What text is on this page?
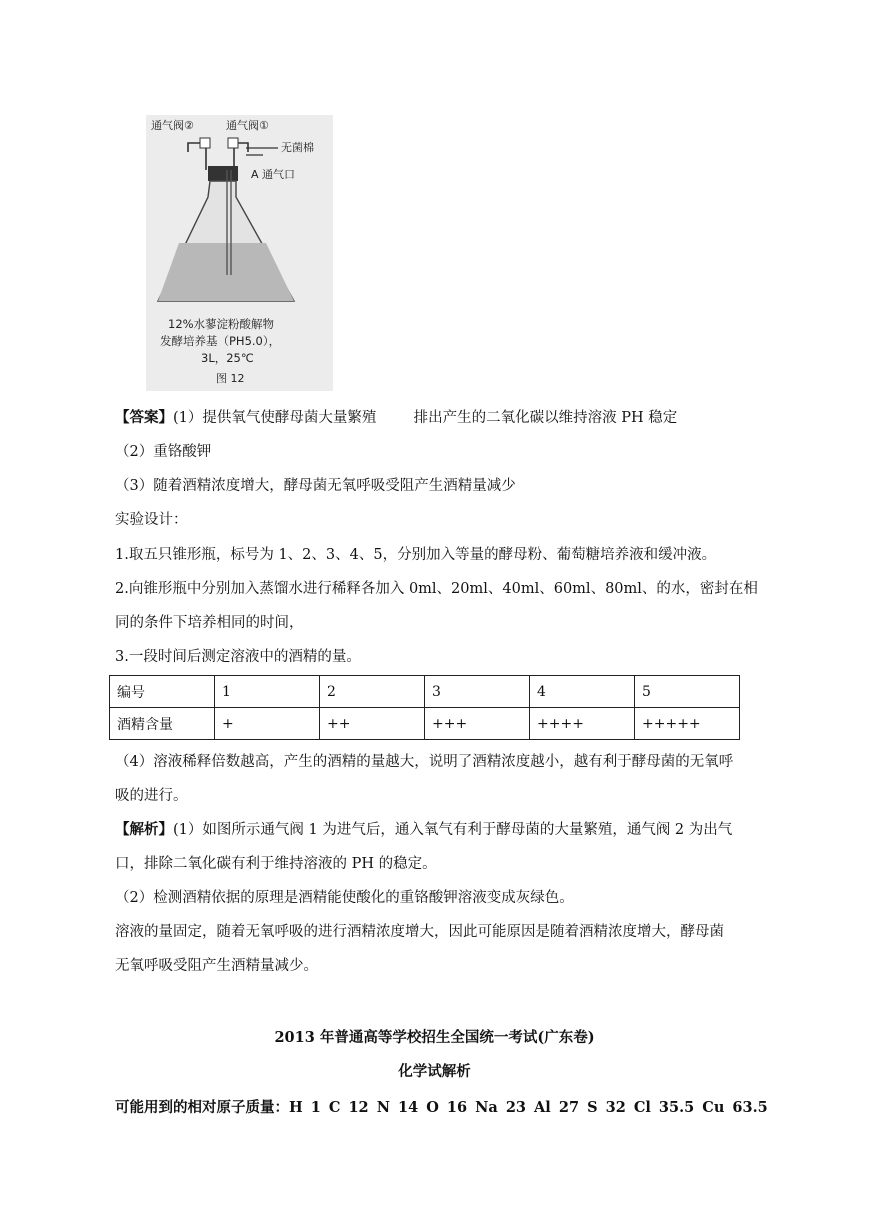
通气阀②	通气阀①
无菌棉
A 通气口
12%水蓼淀粉酸解物
发酵培养基（PH5.0），
3L，25℃
图 12
【答案】(1）提供氧气使酵母菌大量繁殖	排出产生的二氧化碳以维持溶液 PH 稳定
（2）重铬酸钾
（3）随着酒精浓度增大，酵母菌无氧呼吸受阻产生酒精量减少
实验设计：
1.取五只锥形瓶，标号为 1、2、3、4、5，分别加入等量的酵母粉、葡萄糖培养液和缓冲液。
2.向锥形瓶中分别加入蒸馏水进行稀释各加入 0ml、20ml、40ml、60ml、80ml、的水，密封在相
同的条件下培养相同的时间，
3.一段时间后测定溶液中的酒精的量。
编号	1	2	3	4	5
酒精含量	+	++	+++	++++	+++++
（4）溶液稀释倍数越高，产生的酒精的量越大，说明了酒精浓度越小，越有利于酵母菌的无氧呼
吸的进行。
【解析】(1）如图所示通气阀 1 为进气后，通入氧气有利于酵母菌的大量繁殖，通气阀 2 为出气
口，排除二氧化碳有利于维持溶液的 PH 的稳定。
（2）检测酒精依据的原理是酒精能使酸化的重铬酸钾溶液变成灰绿色。
溶液的量固定，随着无氧呼吸的进行酒精浓度增大，因此可能原因是随着酒精浓度增大，酵母菌
无氧呼吸受阻产生酒精量减少。
2013 年普通高等学校招生全国统一考试(广东卷)
化学试解析
可能用到的相对原子质量：H 1 C 12 N 14 O 16 Na 23 Al 27 S 32 Cl 35.5 Cu 63.5
